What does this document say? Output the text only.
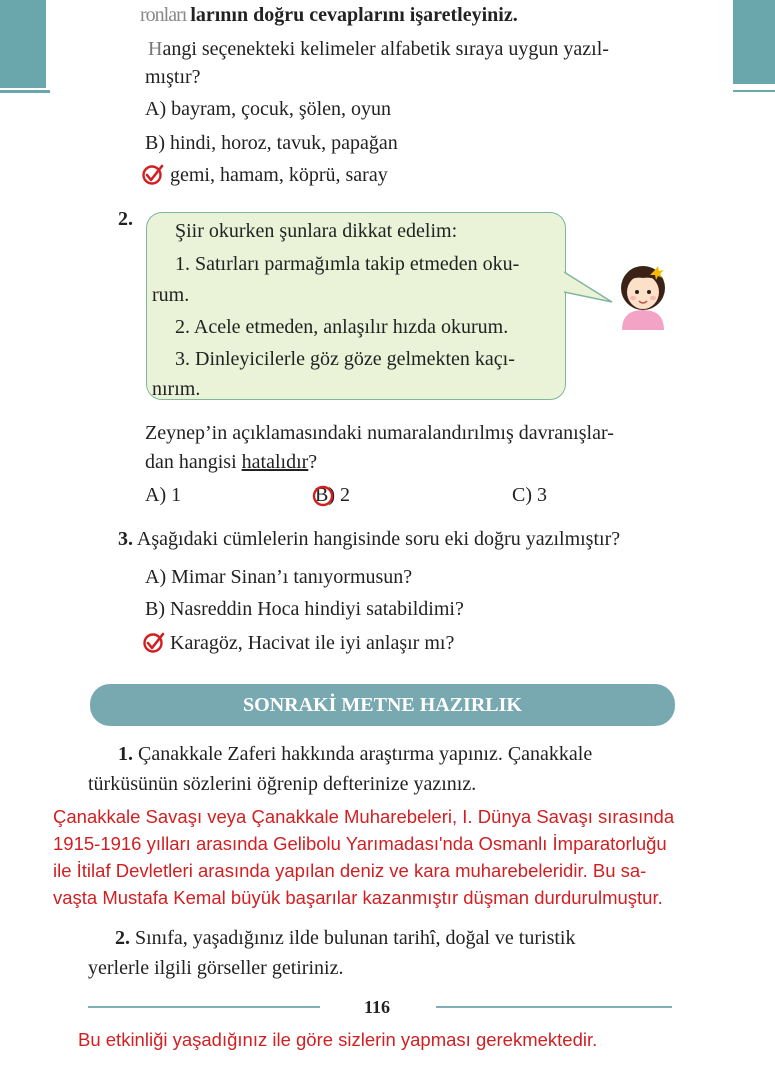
ronları larının doğru cevaplarını işaretleyiniz.
Hangi seçenekteki kelimeler alfabetik sıraya uygun yazıl-
mıştır?
A) bayram, çocuk, şölen, oyun
B) hindi, horoz, tavuk, papağan
gemi, hamam, köprü, saray
2.
Şiir okurken şunlara dikkat edelim:
1. Satırları parmağımla takip etmeden oku-
rum.
2. Acele etmeden, anlaşılır hızda okurum.
3. Dinleyicilerle göz göze gelmekten kaçı-
nırım.
Zeynep’in açıklamasındaki numaralandırılmış davranışlar-
dan hangisi hatalıdır?
A) 1	B) 2	C) 3
3. Aşağıdaki cümlelerin hangisinde soru eki doğru yazılmıştır?
A) Mimar Sinan’ı tanıyormusun?
B) Nasreddin Hoca hindiyi satabildimi?
Karagöz, Hacivat ile iyi anlaşır mı?
SONRAKİ METNE HAZIRLIK
1. Çanakkale Zaferi hakkında araştırma yapınız. Çanakkale
türküsünün sözlerini öğrenip defterinize yazınız.
Çanakkale Savaşı veya Çanakkale Muharebeleri, I. Dünya Savaşı sırasında
1915-1916 yılları arasında Gelibolu Yarımadası'nda Osmanlı İmparatorluğu
ile İtilaf Devletleri arasında yapılan deniz ve kara muharebeleridir. Bu sa-
vaşta Mustafa Kemal büyük başarılar kazanmıştır düşman durdurulmuştur.
2. Sınıfa, yaşadığınız ilde bulunan tarihî, doğal ve turistik
yerlerle ilgili görseller getiriniz.
116
Bu etkinliği yaşadığınız ile göre sizlerin yapması gerekmektedir.
